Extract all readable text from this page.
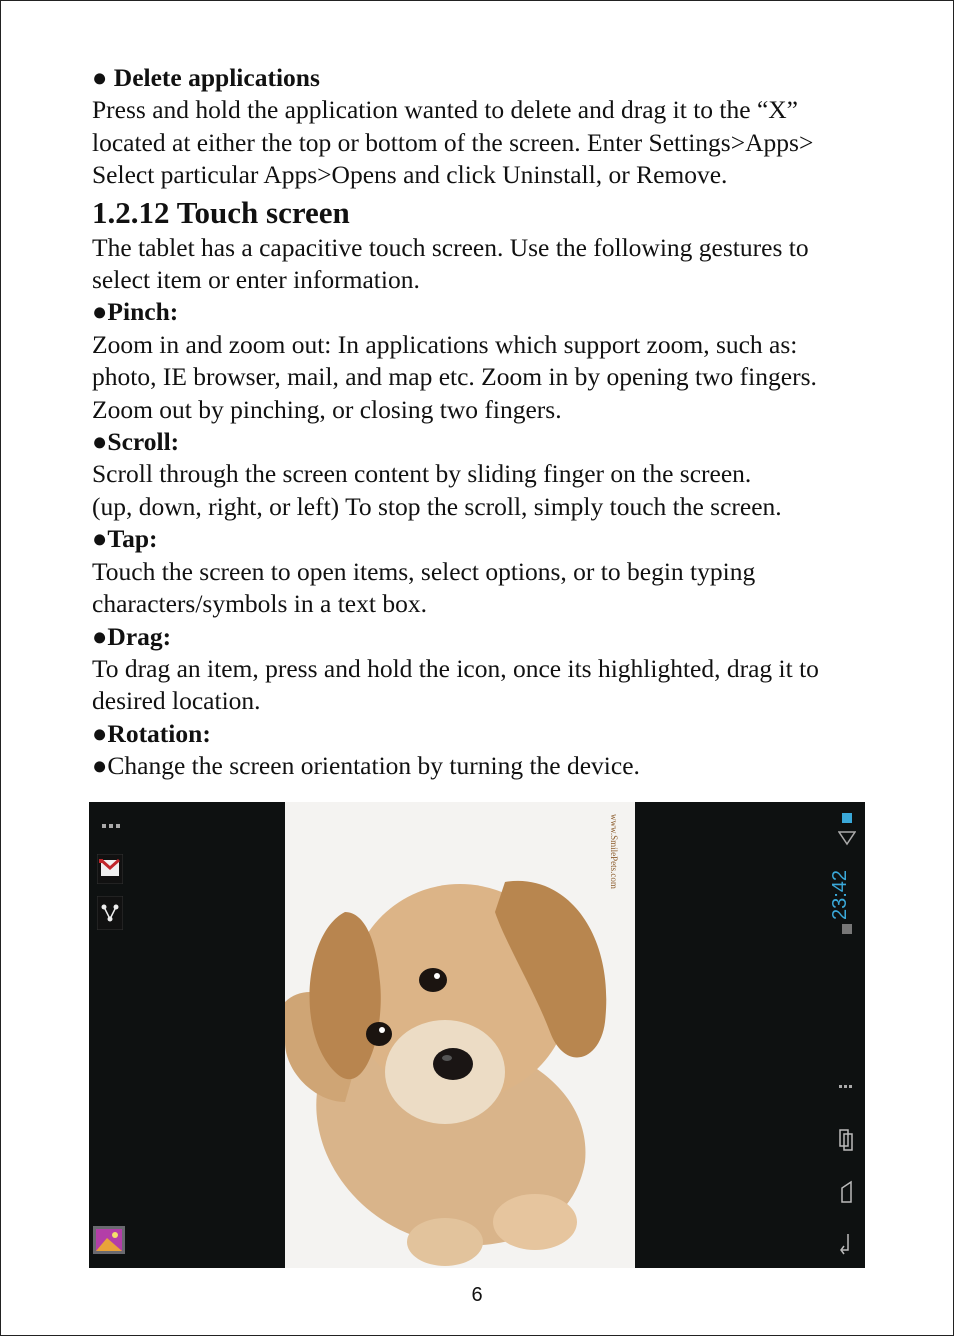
● Delete applications
Press and hold the application wanted to delete and drag it to the “X”
located at either the top or bottom of the screen. Enter Settings>Apps>
Select particular Apps>Opens and click Uninstall, or Remove.
1.2.12 Touch screen
The tablet has a capacitive touch screen. Use the following gestures to
select item or enter information.
●Pinch:
Zoom in and zoom out: In applications which support zoom, such as:
photo, IE browser, mail, and map etc. Zoom in by opening two fingers.
Zoom out by pinching, or closing two fingers.
●Scroll:
Scroll through the screen content by sliding finger on the screen.
(up, down, right, or left) To stop the scroll, simply touch the screen.
●Tap:
Touch the screen to open items, select options, or to begin typing
characters/symbols in a text box.
●Drag:
To drag an item, press and hold the icon, once its highlighted, drag it to
desired location.
●Rotation:
●Change the screen orientation by turning the device.
www.SmilePets.com
23:42
6
